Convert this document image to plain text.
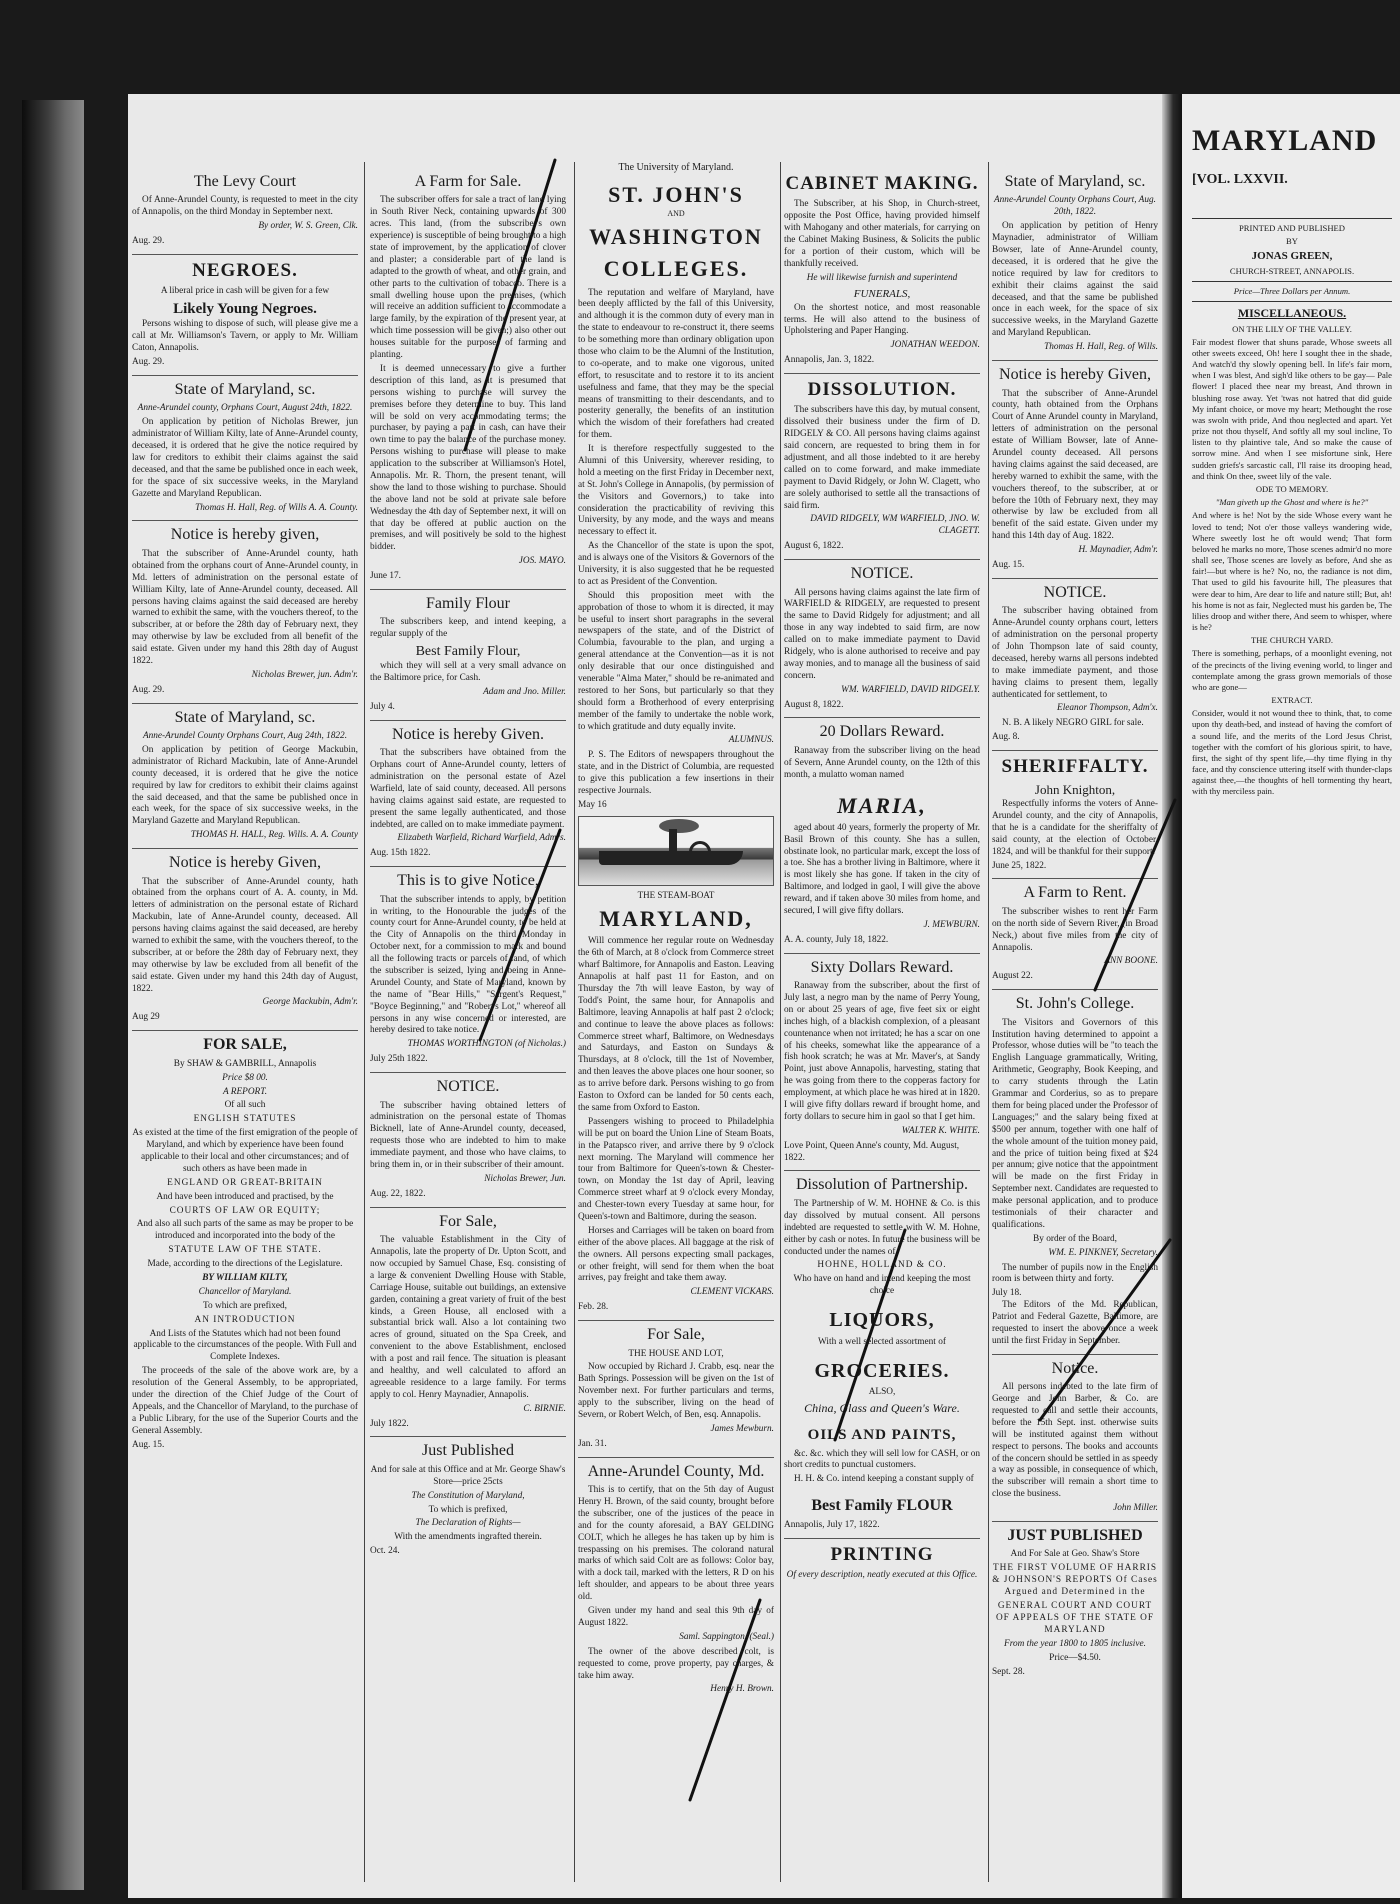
The Levy Court

Of Anne-Arundel County, is requested to meet in the city of Annapolis, on the third Monday in September next.

By order, W. S. Green, Clk.
Aug. 29.
NEGROES.

A liberal price in cash will be given for a few

Likely Young Negroes.

Persons wishing to dispose of such, will please give me a call at Mr. Williamson's Tavern, or apply to Mr. William Caton, Annapolis.

Aug. 29.
State of Maryland, sc.

Anne-Arundel county, Orphans Court, August 24th, 1822.

On application by petition of Nicholas Brewer, jun administrator of William Kilty, late of Anne-Arundel county, deceased, it is ordered that he give the notice required by law for creditors to exhibit their claims against the said deceased, and that the same be published once in each week, for the space of six successive weeks, in the Maryland Gazette and Maryland Republican.

Thomas H. Hall, Reg. of Wills A. A. County.
Notice is hereby given,

That the subscriber of Anne-Arundel county, hath obtained from the orphans court of Anne-Arundel county, in Md. letters of administration on the personal estate of William Kilty, late of Anne-Arundel county, deceased. All persons having claims against the said deceased are hereby warned to exhibit the same, with the vouchers thereof, to the subscriber, at or before the 28th day of February next, they may otherwise by law be excluded from all benefit of the said estate. Given under my hand this 28th day of August 1822.

Nicholas Brewer, jun. Adm'r.
Aug. 29.
State of Maryland, sc.

Anne-Arundel County Orphans Court, Aug 24th, 1822.

On application by petition of George Mackubin, administrator of Richard Mackubin, late of Anne-Arundel county deceased, it is ordered that he give the notice required by law for creditors to exhibit their claims against the said deceased, and that the same be published once in each week, for the space of six successive weeks, in the Maryland Gazette and Maryland Republican.

THOMAS H. HALL, Reg. Wills. A. A. County
Notice is hereby Given,

That the subscriber of Anne-Arundel county, hath obtained from the orphans court of A. A. county, in Md. letters of administration on the personal estate of Richard Mackubin, late of Anne-Arundel county, deceased. All persons having claims against the said deceased, are hereby warned to exhibit the same, with the vouchers thereof, to the subscriber, at or before the 28th day of February next, they may otherwise by law be excluded from all benefit of the said estate. Given under my hand this 24th day of August, 1822.

George Mackubin, Adm'r.
Aug 29
FOR SALE,

By SHAW & GAMBRILL, Annapolis

Price $8 00.

A REPORT.

Of all such

ENGLISH STATUTES

As existed at the time of the first emigration of the people of Maryland, and which by experience have been found applicable to their local and other circumstances; and of such others as have been made in

ENGLAND OR GREAT-BRITAIN

And have been introduced and practised, by the

COURTS OF LAW OR EQUITY;

And also all such parts of the same as may be proper to be introduced and incorporated into the body of the

STATUTE LAW OF THE STATE.

Made, according to the directions of the Legislature.

BY WILLIAM KILTY,

Chancellor of Maryland.

To which are prefixed,

AN INTRODUCTION

And Lists of the Statutes which had not been found applicable to the circumstances of the people. With Full and Complete Indexes.

The proceeds of the sale of the above work are, by a resolution of the General Assembly, to be appropriated, under the direction of the Chief Judge of the Court of Appeals, and the Chancellor of Maryland, to the purchase of a Public Library, for the use of the Superior Courts and the General Assembly.

Aug. 15.
A Farm for Sale.

The subscriber offers for sale a tract of land lying in South River Neck, containing upwards of 300 acres. This land, (from the subscriber's own experience) is susceptible of being brought to a high state of improvement, by the application of clover and plaster; a considerable part of the land is adapted to the growth of wheat, and other grain, and other parts to the cultivation of tobacco. There is a small dwelling house upon the premises, (which will receive an addition sufficient to accommodate a large family, by the expiration of the present year, at which time possession will be given;) also other out houses suitable for the purposes of farming and planting.

It is deemed unnecessary to give a further description of this land, as it is presumed that persons wishing to purchase will survey the premises before they determine to buy. This land will be sold on very accommodating terms; the purchaser, by paying a part in cash, can have their own time to pay the balance of the purchase money. Persons wishing to purchase will please to make application to the subscriber at Williamson's Hotel, Annapolis. Mr. R. Thorn, the present tenant, will show the land to those wishing to purchase. Should the above land not be sold at private sale before Wednesday the 4th day of September next, it will on that day be offered at public auction on the premises, and will positively be sold to the highest bidder.

JOS. MAYO.
June 17.
Family Flour

The subscribers keep, and intend keeping, a regular supply of the

Best Family Flour,

which they will sell at a very small advance on the Baltimore price, for Cash.

Adam and Jno. Miller.
July 4.
Notice is hereby Given.

That the subscribers have obtained from the Orphans court of Anne-Arundel county, letters of administration on the personal estate of Azel Warfield, late of said county, deceased. All persons having claims against said estate, are requested to present the same legally authenticated, and those indebted, are called on to make immediate payment.

Elizabeth Warfield, Richard Warfield, Admrs.
Aug. 15th 1822.
This is to give Notice,

That the subscriber intends to apply, by petition in writing, to the Honourable the judges of the county court for Anne-Arundel county, to be held at the City of Annapolis on the third Monday in October next, for a commission to mark and bound all the following tracts or parcels of land, of which the subscriber is seized, lying and being in Anne-Arundel County, and State of Maryland, known by the name of "Bear Hills," "Sargent's Request," "Boyce Beginning," and "Robert's Lot," whereof all persons in any wise concerned or interested, are hereby desired to take notice.

THOMAS WORTHINGTON (of Nicholas.)
July 25th 1822.
NOTICE.

The subscriber having obtained letters of administration on the personal estate of Thomas Bicknell, late of Anne-Arundel county, deceased, requests those who are indebted to him to make immediate payment, and those who have claims, to bring them in, or in their subscriber of their amount.

Nicholas Brewer, Jun.
Aug. 22, 1822.
For Sale,

The valuable Establishment in the City of Annapolis, late the property of Dr. Upton Scott, and now occupied by Samuel Chase, Esq. consisting of a large & convenient Dwelling House with Stable, Carriage House, suitable out buildings, an extensive garden, containing a great variety of fruit of the best kinds, a Green House, all enclosed with a substantial brick wall. Also a lot containing two acres of ground, situated on the Spa Creek, and convenient to the above Establishment, enclosed with a post and rail fence. The situation is pleasant and healthy, and well calculated to afford an agreeable residence to a large family. For terms apply to col. Henry Maynadier, Annapolis.

C. BIRNIE.
July 1822.
Just Published

And for sale at this Office and at Mr. George Shaw's Store—price 25cts

The Constitution of Maryland,

To which is prefixed,

The Declaration of Rights—

With the amendments ingrafted therein.

Oct. 24.
The University of Maryland.
ST. JOHN'S
AND
WASHINGTON
COLLEGES.

The reputation and welfare of Maryland, have been deeply afflicted by the fall of this University, and although it is the common duty of every man in the state to endeavour to re-construct it, there seems to be something more than ordinary obligation upon those who claim to be the Alumni of the Institution, to co-operate, and to make one vigorous, united effort, to resuscitate and to restore it to its ancient usefulness and fame, that they may be the special means of transmitting to their descendants, and to posterity generally, the benefits of an institution which the wisdom of their forefathers had created for them.

It is therefore respectfully suggested to the Alumni of this University, wherever residing, to hold a meeting on the first Friday in December next, at St. John's College in Annapolis, (by permission of the Visitors and Governors,) to take into consideration the practicability of reviving this University, by any mode, and the ways and means necessary to effect it.

As the Chancellor of the state is upon the spot, and is always one of the Visitors & Governors of the University, it is also suggested that he be requested to act as President of the Convention.

Should this proposition meet with the approbation of those to whom it is directed, it may be useful to insert short paragraphs in the several newspapers of the state, and of the District of Columbia, favourable to the plan, and urging a general attendance at the Convention—as it is not only desirable that our once distinguished and venerable "Alma Mater," should be re-animated and restored to her Sons, but particularly so that they should form a Brotherhood of every enterprising member of the family to undertake the noble work, to which gratitude and duty equally invite.

ALUMNUS.

P. S. The Editors of newspapers throughout the state, and in the District of Columbia, are requested to give this publication a few insertions in their respective Journals.

May 16
THE STEAM-BOAT
MARYLAND,

Will commence her regular route on Wednesday the 6th of March, at 8 o'clock from Commerce street wharf Baltimore, for Annapolis and Easton. Leaving Annapolis at half past 11 for Easton, and on Thursday the 7th will leave Easton, by way of Todd's Point, the same hour, for Annapolis and Baltimore, leaving Annapolis at half past 2 o'clock; and continue to leave the above places as follows: Commerce street wharf, Baltimore, on Wednesdays and Saturdays, and Easton on Sundays & Thursdays, at 8 o'clock, till the 1st of November, and then leaves the above places one hour sooner, so as to arrive before dark. Persons wishing to go from Easton to Oxford can be landed for 50 cents each, the same from Oxford to Easton.

Passengers wishing to proceed to Philadelphia will be put on board the Union Line of Steam Boats, in the Patapsco river, and arrive there by 9 o'clock next morning. The Maryland will commence her tour from Baltimore for Queen's-town & Chester-town, on Monday the 1st day of April, leaving Commerce street wharf at 9 o'clock every Monday, and Chester-town every Tuesday at same hour, for Queen's-town and Baltimore, during the season.

Horses and Carriages will be taken on board from either of the above places. All baggage at the risk of the owners. All persons expecting small packages, or other freight, will send for them when the boat arrives, pay freight and take them away.

CLEMENT VICKARS.
Feb. 28.
For Sale,

THE HOUSE AND LOT,

Now occupied by Richard J. Crabb, esq. near the Bath Springs. Possession will be given on the 1st of November next. For further particulars and terms, apply to the subscriber, living on the head of Severn, or Robert Welch, of Ben, esq. Annapolis.

James Mewburn.
Jan. 31.
Anne-Arundel County, Md.

This is to certify, that on the 5th day of August Henry H. Brown, of the said county, brought before the subscriber, one of the justices of the peace in and for the county aforesaid, a BAY GELDING COLT, which he alleges he has taken up by him is trespassing on his premises. The colorand natural marks of which said Colt are as follows: Color bay, with a dock tail, marked with the letters, R D on his left shoulder, and appears to be about three years old.

Given under my hand and seal this 9th day of August 1822.

Saml. Sappington, (Seal.)

The owner of the above described colt, is requested to come, prove property, pay charges, & take him away.

Henry H. Brown.
CABINET MAKING.

The Subscriber, at his Shop, in Church-street, opposite the Post Office, having provided himself with Mahogany and other materials, for carrying on the Cabinet Making Business, & Solicits the public for a portion of their custom, which will be thankfully received.

He will likewise furnish and superintend

FUNERALS,

On the shortest notice, and most reasonable terms. He will also attend to the business of Upholstering and Paper Hanging.

JONATHAN WEEDON.
Annapolis, Jan. 3, 1822.
DISSOLUTION.

The subscribers have this day, by mutual consent, dissolved their business under the firm of D. RIDGELY & CO. All persons having claims against said concern, are requested to bring them in for adjustment, and all those indebted to it are hereby called on to come forward, and make immediate payment to David Ridgely, or John W. Clagett, who are solely authorised to settle all the transactions of said firm.

DAVID RIDGELY, WM WARFIELD, JNO. W. CLAGETT.
August 6, 1822.
NOTICE.

All persons having claims against the late firm of WARFIELD & RIDGELY, are requested to present the same to David Ridgely for adjustment; and all those in any way indebted to said firm, are now called on to make immediate payment to David Ridgely, who is alone authorised to receive and pay away monies, and to manage all the business of said concern.

WM. WARFIELD, DAVID RIDGELY.
August 8, 1822.
20 Dollars Reward.

Ranaway from the subscriber living on the head of Severn, Anne Arundel county, on the 12th of this month, a mulatto woman named

MARIA,

aged about 40 years, formerly the property of Mr. Basil Brown of this county. She has a sullen, obstinate look, no particular mark, except the loss of a toe. She has a brother living in Baltimore, where it is most likely she has gone. If taken in the city of Baltimore, and lodged in gaol, I will give the above reward, and if taken above 30 miles from home, and secured, I will give fifty dollars.

J. MEWBURN.
A. A. county, July 18, 1822.
Sixty Dollars Reward.

Ranaway from the subscriber, about the first of July last, a negro man by the name of Perry Young, on or about 25 years of age, five feet six or eight inches high, of a blackish complexion, of a pleasant countenance when not irritated; he has a scar on one of his cheeks, somewhat like the appearance of a fish hook scratch; he was at Mr. Maver's, at Sandy Point, just above Annapolis, harvesting, stating that he was going from there to the copperas factory for employment, at which place he was hired at in 1820. I will give fifty dollars reward if brought home, and forty dollars to secure him in gaol so that I get him.

WALTER K. WHITE.
Love Point, Queen Anne's county, Md. August, 1822.
Dissolution of Partnership.

The Partnership of W. M. HOHNE & Co. is this day dissolved by mutual consent. All persons indebted are requested to settle with W. M. Hohne, either by cash or notes. In future the business will be conducted under the names of

HOHNE, HOLLAND & CO.

Who have on hand and intend keeping the most choice

LIQUORS,

With a well selected assortment of

GROCERIES.

ALSO,

China, Glass and Queen's Ware.

OILS AND PAINTS,

&c. &c. which they will sell low for CASH, or on short credits to punctual customers.

H. H. & Co. intend keeping a constant supply of

Best Family FLOUR
Annapolis, July 17, 1822.
PRINTING

Of every description, neatly executed at this Office.

State of Maryland, sc.

Anne-Arundel County Orphans Court, Aug. 20th, 1822.

On application by petition of Henry Maynadier, administrator of William Bowser, late of Anne-Arundel county, deceased, it is ordered that he give the notice required by law for creditors to exhibit their claims against the said deceased, and that the same be published once in each week, for the space of six successive weeks, in the Maryland Gazette and Maryland Republican.

Thomas H. Hall, Reg. of Wills.
Notice is hereby Given,

That the subscriber of Anne-Arundel county, hath obtained from the Orphans Court of Anne Arundel county in Maryland, letters of administration on the personal estate of William Bowser, late of Anne-Arundel county deceased. All persons having claims against the said deceased, are hereby warned to exhibit the same, with the vouchers thereof, to the subscriber, at or before the 10th of February next, they may otherwise by law be excluded from all benefit of the said estate. Given under my hand this 14th day of Aug. 1822.

H. Maynadier, Adm'r.
Aug. 15.
NOTICE.

The subscriber having obtained from Anne-Arundel county orphans court, letters of administration on the personal property of John Thompson late of said county, deceased, hereby warns all persons indebted to make immediate payment, and those having claims to present them, legally authenticated for settlement, to

Eleanor Thompson, Adm'x.

N. B. A likely NEGRO GIRL for sale.

Aug. 8.
SHERIFFALTY.
John Knighton,

Respectfully informs the voters of Anne-Arundel county, and the city of Annapolis, that he is a candidate for the sheriffalty of said county, at the election of October, 1824, and will be thankful for their support.

June 25, 1822.
A Farm to Rent.

The subscriber wishes to rent her Farm on the north side of Severn River, (in Broad Neck,) about five miles from the city of Annapolis.

ANN BOONE.
August 22.
St. John's College.

The Visitors and Governors of this Institution having determined to appoint a Professor, whose duties will be "to teach the English Language grammatically, Writing, Arithmetic, Geography, Book Keeping, and to carry students through the Latin Grammar and Corderius, so as to prepare them for being placed under the Professor of Languages;" and the salary being fixed at $500 per annum, together with one half of the whole amount of the tuition money paid, and the price of tuition being fixed at $24 per annum; give notice that the appointment will be made on the first Friday in September next. Candidates are requested to make personal application, and to produce testimonials of their character and qualifications.

By order of the Board,

WM. E. PINKNEY, Secretary.

The number of pupils now in the English room is between thirty and forty.

July 18.

The Editors of the Md. Republican, Patriot and Federal Gazette, Baltimore, are requested to insert the above once a week until the first Friday in September.

Notice.

All persons indebted to the late firm of George and John Barber, & Co. are requested to call and settle their accounts, before the 15th Sept. inst. otherwise suits will be instituted against them without respect to persons. The books and accounts of the concern should be settled in as speedy a way as possible, in consequence of which, the subscriber will remain a short time to close the business.

John Miller.
JUST PUBLISHED

And For Sale at Geo. Shaw's Store

THE FIRST VOLUME OF HARRIS & JOHNSON'S REPORTS Of Cases Argued and Determined in the

GENERAL COURT AND COURT OF APPEALS OF THE STATE OF MARYLAND

From the year 1800 to 1805 inclusive.

Price—$4.50.

Sept. 28.
MARYLAND
[VOL. LXXVII.

PRINTED AND PUBLISHED

BY

JONAS GREEN,

CHURCH-STREET, ANNAPOLIS.

Price—Three Dollars per Annum.

MISCELLANEOUS.

ON THE LILY OF THE VALLEY.

Fair modest flower that shuns parade, Whose sweets all other sweets exceed, Oh! here I sought thee in the shade, And watch'd thy slowly opening bell. In life's fair morn, when I was blest, And sigh'd like others to be gay— Pale flower! I placed thee near my breast, And thrown in blushing rose away. Yet 'twas not hatred that did guide My infant choice, or move my heart; Methought the rose was swoln with pride, And thou neglected and apart. Yet prize not thou thyself, And softly all my soul incline, To listen to thy plaintive tale, And so make the cause of sorrow mine. And when I see misfortune sink, Here sudden griefs's sarcastic call, I'll raise its drooping head, and think On thee, sweet lily of the vale.

ODE TO MEMORY.

"Man giveth up the Ghost and where is he?"

And where is he! Not by the side Whose every want he loved to tend; Not o'er those valleys wandering wide, Where sweetly lost he oft would wend; That form beloved he marks no more, Those scenes admir'd no more shall see, Those scenes are lovely as before, And she as fair!—but where is he? No, no, the radiance is not dim, That used to gild his favourite hill, The pleasures that were dear to him, Are dear to life and nature still; But, ah! his home is not as fair, Neglected must his garden be, The lilies droop and wither there, And seem to whisper, where is he?

THE CHURCH YARD.

There is something, perhaps, of a moonlight evening, not of the precincts of the living evening world, to linger and contemplate among the grass grown memorials of those who are gone—

EXTRACT.

Consider, would it not wound thee to think, that, to come upon thy death-bed, and instead of having the comfort of a sound life, and the merits of the Lord Jesus Christ, together with the comfort of his glorious spirit, to have, first, the sight of thy spent life,—thy time flying in thy face, and thy conscience uttering itself with thunder-claps against thee,—the thoughts of hell tormenting thy heart, with thy merciless pain.
